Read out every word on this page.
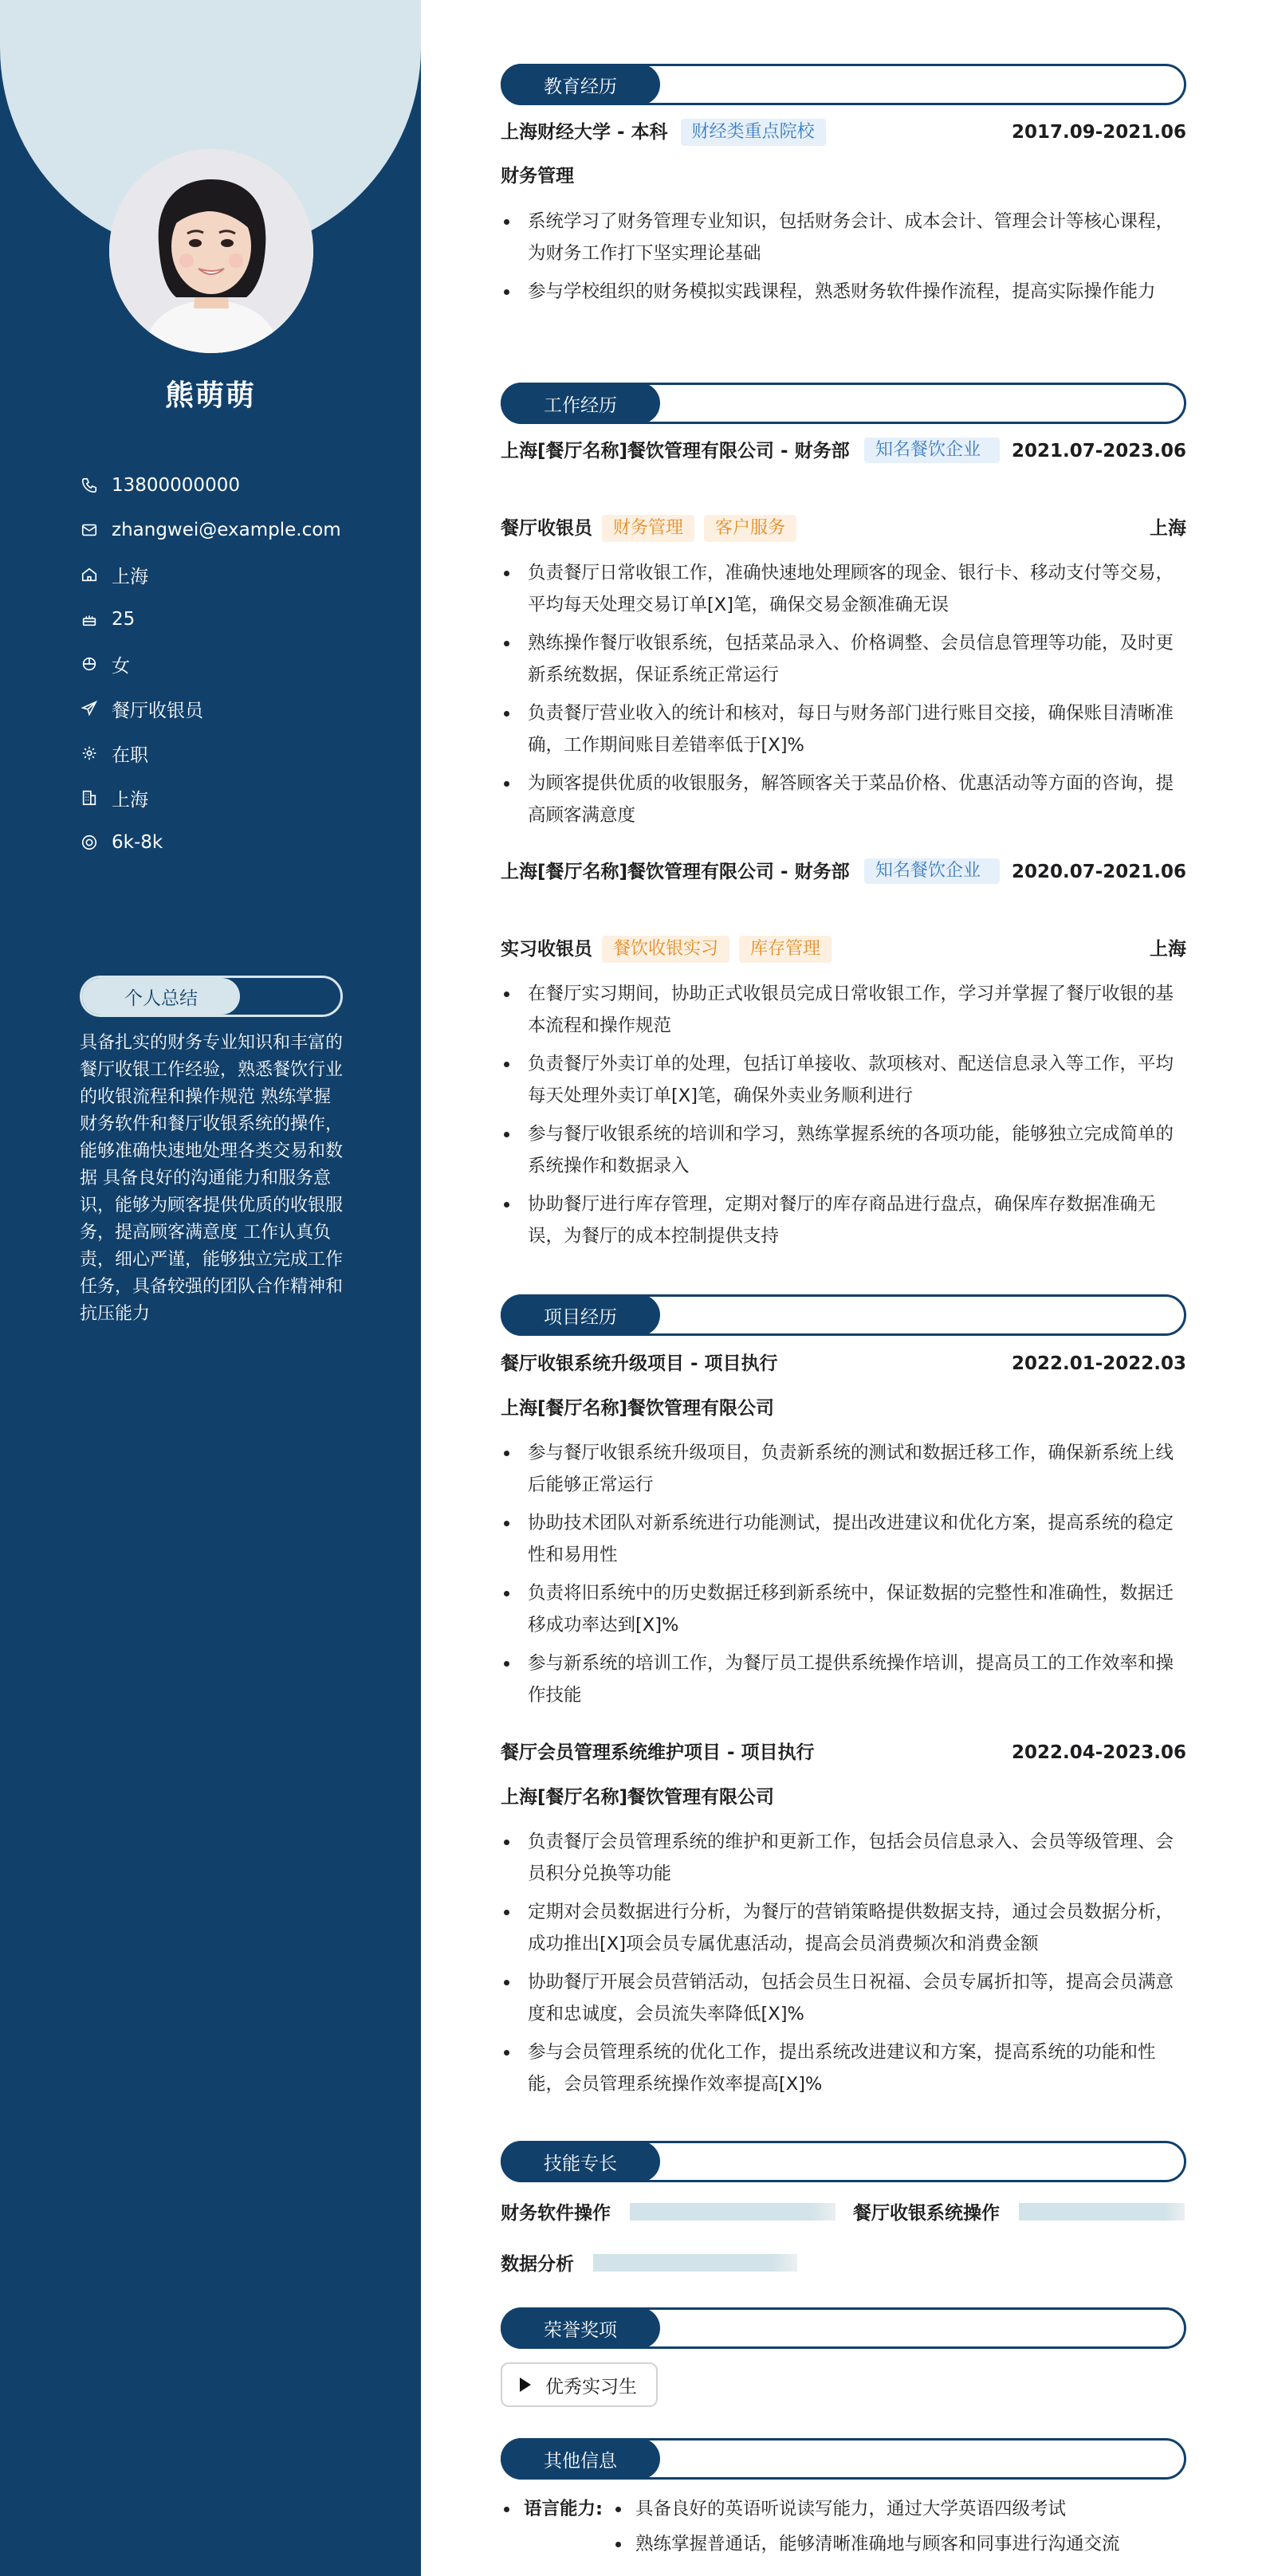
熊萌萌
13800000000
zhangwei@example.com
上海
25
女
餐厅收银员
在职
上海
6k-8k
个人总结

具备扎实的财务专业知识和丰富的餐厅收银工作经验，熟悉餐饮行业的收银流程和操作规范 熟练掌握财务软件和餐厅收银系统的操作，能够准确快速地处理各类交易和数据 具备良好的沟通能力和服务意识，能够为顾客提供优质的收银服务，提高顾客满意度 工作认真负责，细心严谨，能够独立完成工作任务，具备较强的团队合作精神和抗压能力

教育经历
上海财经大学 - 本科	财经类重点院校	2017.09-2021.06
财务管理
系统学习了财务管理专业知识，包括财务会计、成本会计、管理会计等核心课程，为财务工作打下坚实理论基础
参与学校组织的财务模拟实践课程，熟悉财务软件操作流程，提高实际操作能力
工作经历
上海[餐厅名称]餐饮管理有限公司 - 财务部	知名餐饮企业	2021.07-2023.06
餐厅收银员	财务管理	客户服务	上海
负责餐厅日常收银工作，准确快速地处理顾客的现金、银行卡、移动支付等交易，平均每天处理交易订单[X]笔，确保交易金额准确无误
熟练操作餐厅收银系统，包括菜品录入、价格调整、会员信息管理等功能，及时更新系统数据，保证系统正常运行
负责餐厅营业收入的统计和核对，每日与财务部门进行账目交接，确保账目清晰准确，工作期间账目差错率低于[X]%
为顾客提供优质的收银服务，解答顾客关于菜品价格、优惠活动等方面的咨询，提高顾客满意度
上海[餐厅名称]餐饮管理有限公司 - 财务部	知名餐饮企业	2020.07-2021.06
实习收银员	餐饮收银实习	库存管理	上海
在餐厅实习期间，协助正式收银员完成日常收银工作，学习并掌握了餐厅收银的基本流程和操作规范
负责餐厅外卖订单的处理，包括订单接收、款项核对、配送信息录入等工作，平均每天处理外卖订单[X]笔，确保外卖业务顺利进行
参与餐厅收银系统的培训和学习，熟练掌握系统的各项功能，能够独立完成简单的系统操作和数据录入
协助餐厅进行库存管理，定期对餐厅的库存商品进行盘点，确保库存数据准确无误，为餐厅的成本控制提供支持
项目经历
餐厅收银系统升级项目 - 项目执行	2022.01-2022.03
上海[餐厅名称]餐饮管理有限公司
参与餐厅收银系统升级项目，负责新系统的测试和数据迁移工作，确保新系统上线后能够正常运行
协助技术团队对新系统进行功能测试，提出改进建议和优化方案，提高系统的稳定性和易用性
负责将旧系统中的历史数据迁移到新系统中，保证数据的完整性和准确性，数据迁移成功率达到[X]%
参与新系统的培训工作，为餐厅员工提供系统操作培训，提高员工的工作效率和操作技能
餐厅会员管理系统维护项目 - 项目执行	2022.04-2023.06
上海[餐厅名称]餐饮管理有限公司
负责餐厅会员管理系统的维护和更新工作，包括会员信息录入、会员等级管理、会员积分兑换等功能
定期对会员数据进行分析，为餐厅的营销策略提供数据支持，通过会员数据分析，成功推出[X]项会员专属优惠活动，提高会员消费频次和消费金额
协助餐厅开展会员营销活动，包括会员生日祝福、会员专属折扣等，提高会员满意度和忠诚度，会员流失率降低[X]%
参与会员管理系统的优化工作，提出系统改进建议和方案，提高系统的功能和性能，会员管理系统操作效率提高[X]%
技能专长
财务软件操作	餐厅收银系统操作
数据分析
荣誉奖项
优秀实习生
其他信息
语言能力: 具备良好的英语听说读写能力，通过大学英语四级考试
熟练掌握普通话，能够清晰准确地与顾客和同事进行沟通交流
